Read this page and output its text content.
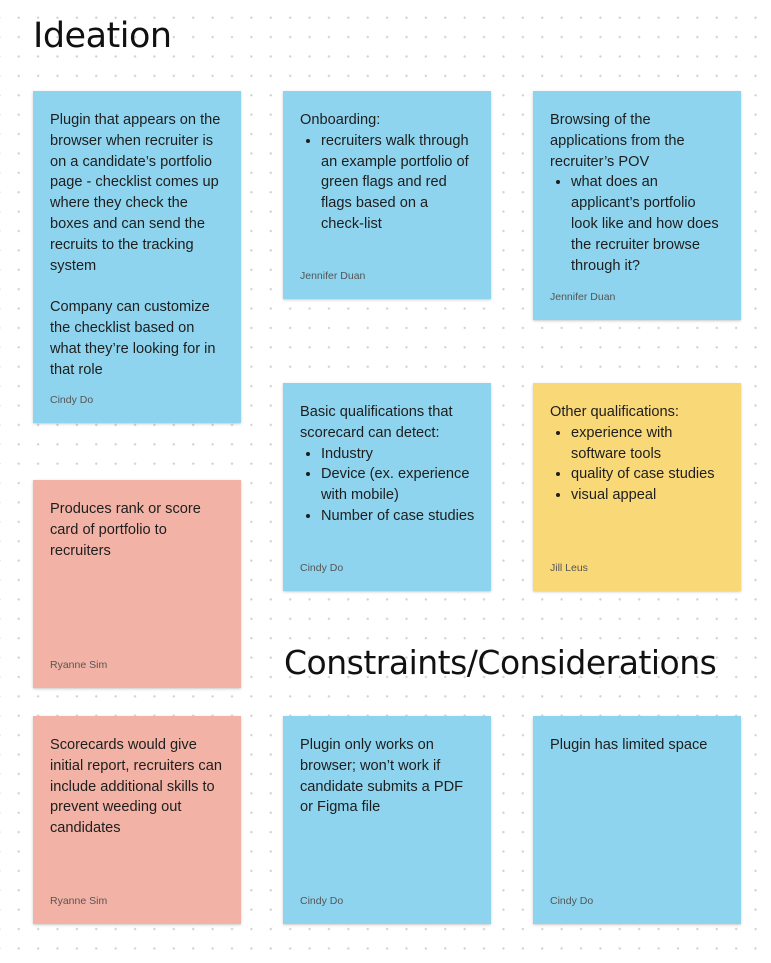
Ideation

Plugin that appears on the browser when recruiter is on a candidate’s portfolio page - checklist comes up where they check the boxes and can send the recruits to the tracking system

Company can customize the checklist based on what they’re looking for in that role

Cindy Do

Produces rank or score card of portfolio to recruiters

Ryanne Sim

Onboarding:

• recruiters walk through an example portfolio of green flags and red flags based on a check-list
Jennifer Duan

Basic qualifications that scorecard can detect:

• Industry
• Device (ex. experience with mobile)
• Number of case studies
Cindy Do

Browsing of the applications from the recruiter’s POV

• what does an applicant’s portfolio look like and how does the recruiter browse through it?
Jennifer Duan

Other qualifications:

• experience with software tools
• quality of case studies
• visual appeal
Jill Leus
Constraints/Considerations

Scorecards would give initial report, recruiters can include additional skills to prevent weeding out candidates

Ryanne Sim

Plugin only works on browser; won’t work if candidate submits a PDF or Figma file

Cindy Do

Plugin has limited space

Cindy Do
